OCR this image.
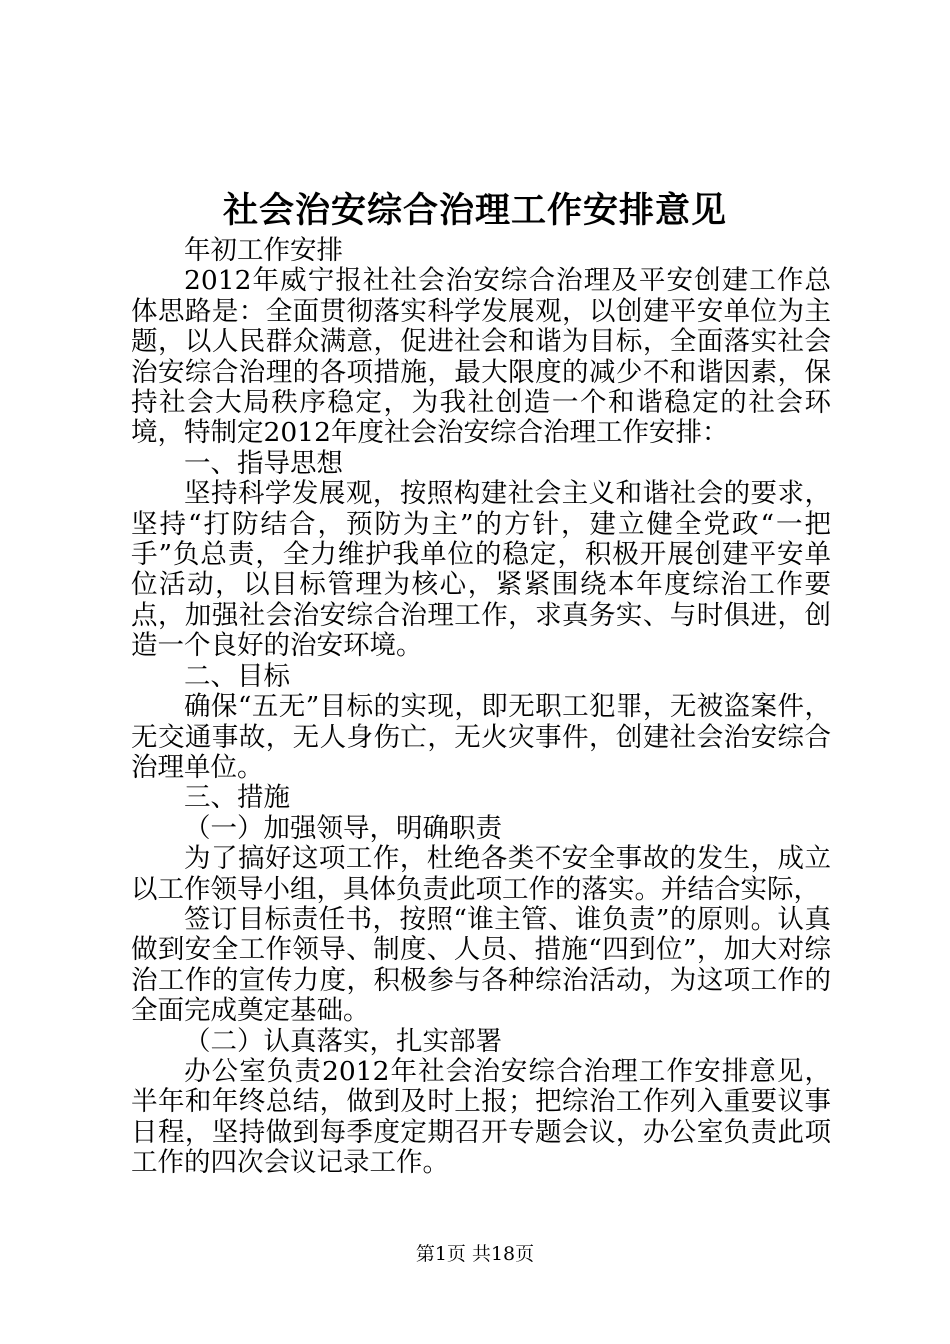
社会治安综合治理工作安排意见

年初工作安排

2012年威宁报社社会治安综合治理及平安创建工作总体思路是：全面贯彻落实科学发展观，以创建平安单位为主题，以人民群众满意，促进社会和谐为目标，全面落实社会治安综合治理的各项措施，最大限度的减少不和谐因素，保持社会大局秩序稳定，为我社创造一个和谐稳定的社会环境，特制定2012年度社会治安综合治理工作安排：

一、指导思想

坚持科学发展观，按照构建社会主义和谐社会的要求，坚持“打防结合，预防为主”的方针，建立健全党政“一把手”负总责，全力维护我单位的稳定，积极开展创建平安单位活动，以目标管理为核心，紧紧围绕本年度综治工作要点，加强社会治安综合治理工作，求真务实、与时俱进，创造一个良好的治安环境。

二、目标

确保“五无”目标的实现，即无职工犯罪，无被盗案件，无交通事故，无人身伤亡，无火灾事件，创建社会治安综合治理单位。

三、措施

（一）加强领导，明确职责

为了搞好这项工作，杜绝各类不安全事故的发生，成立以工作领导小组，具体负责此项工作的落实。并结合实际，

签订目标责任书，按照“谁主管、谁负责”的原则。认真做到安全工作领导、制度、人员、措施“四到位”，加大对综治工作的宣传力度，积极参与各种综治活动，为这项工作的全面完成奠定基础。

（二）认真落实，扎实部署

办公室负责2012年社会治安综合治理工作安排意见，半年和年终总结，做到及时上报；把综治工作列入重要议事日程，坚持做到每季度定期召开专题会议，办公室负责此项工作的四次会议记录工作。

第1页 共18页
